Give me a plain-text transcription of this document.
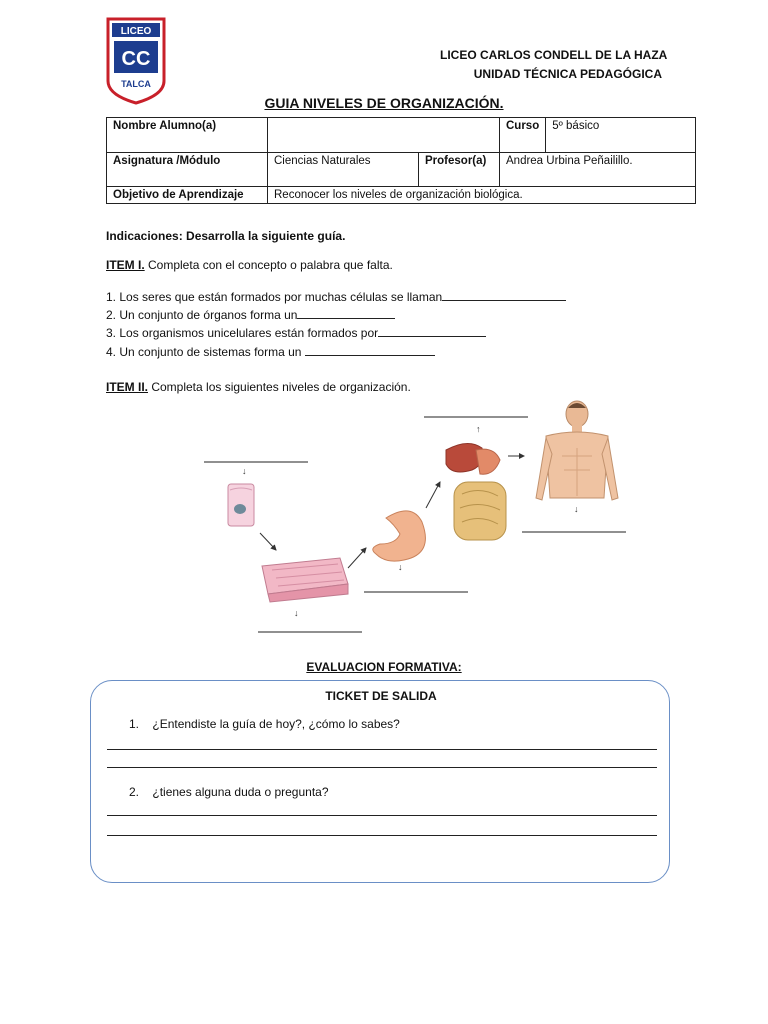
LICEO
CC
TALCA
LICEO CARLOS CONDELL DE LA HAZA
UNIDAD TÉCNICA PEDAGÓGICA
GUIA NIVELES DE ORGANIZACIÓN.
Nombre Alumno(a)			Curso	5º básico
Asignatura /Módulo	Ciencias Naturales	Profesor(a)	Andrea Urbina Peñailillo.	
Objetivo de Aprendizaje	Reconocer los niveles de organización biológica.			
Indicaciones: Desarrolla la siguiente guía.
ITEM I. Completa con el concepto o palabra que falta.
1. Los seres que están formados por muchas células se llaman
2. Un conjunto de órganos forma un
3. Los organismos unicelulares están formados por
4. Un conjunto de sistemas forma un
ITEM II. Completa los siguientes niveles de organización.
↓
↓
↓
↑
↓
EVALUACION FORMATIVA:
TICKET DE SALIDA
1. ¿Entendiste la guía de hoy?, ¿cómo lo sabes?
2. ¿tienes alguna duda o pregunta?
